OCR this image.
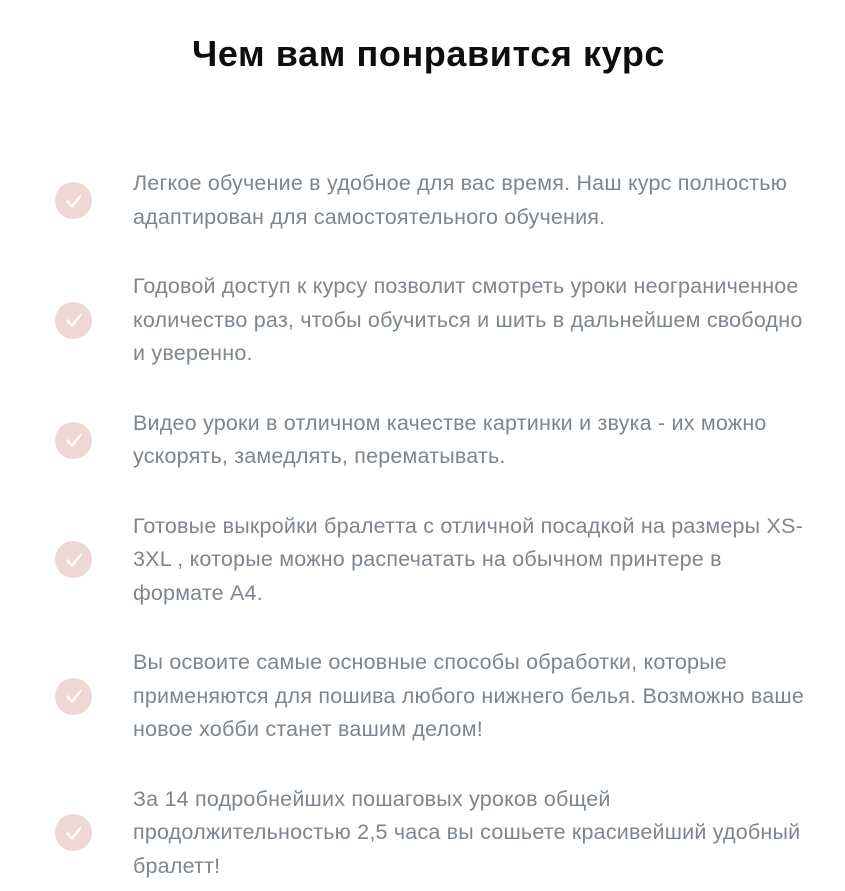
Чем вам понравится курс

Легкое обучение в удобное для вас время. Наш курс полностью адаптирован для самостоятельного обучения.

Годовой доступ к курсу позволит смотреть уроки неограниченное количество раз, чтобы обучиться и шить в дальнейшем свободно и уверенно.

Видео уроки в отличном качестве картинки и звука - их можно ускорять, замедлять, перематывать.

Готовые выкройки бралетта с отличной посадкой на размеры XS-3XL , которые можно распечатать на обычном принтере в формате А4.

Вы освоите самые основные способы обработки, которые применяются для пошива любого нижнего белья. Возможно ваше новое хобби станет вашим делом!

За 14 подробнейших пошаговых уроков общей продолжительностью 2,5 часа вы сошьете красивейший удобный бралетт!
